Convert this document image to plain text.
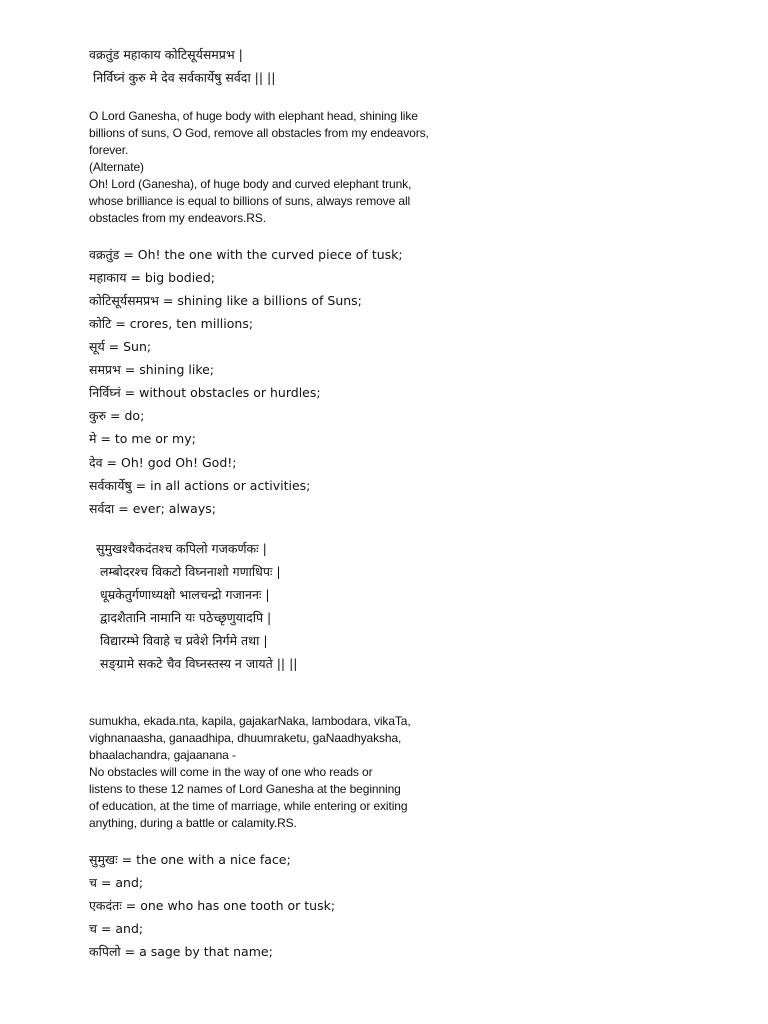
वक्रतुंड महाकाय कोटिसूर्यसमप्रभ |
निर्विघ्नं कुरु मे देव सर्वकार्येषु सर्वदा || ||
O Lord Ganesha, of huge body with elephant head, shining like
billions of suns, O God, remove all obstacles from my endeavors,
forever.
(Alternate)
Oh! Lord (Ganesha), of huge body and curved elephant trunk,
whose brilliance is equal to billions of suns, always remove all
obstacles from my endeavors.RS.
वक्रतुंड = Oh! the one with the curved piece of tusk;
महाकाय = big bodied;
कोटिसूर्यसमप्रभ = shining like a billions of Suns;
कोटि = crores, ten millions;
सूर्य = Sun;
समप्रभ = shining like;
निर्विघ्नं = without obstacles or hurdles;
कुरु = do;
मे = to me or my;
देव = Oh! god Oh! God!;
सर्वकार्येषु = in all actions or activities;
सर्वदा = ever; always;
सुमुखश्चैकदंतश्च कपिलो गजकर्णकः |
लम्बोदरश्च विकटो विघ्ननाशो गणाधिपः |
धूम्रकेतुर्गणाध्यक्षो भालचन्द्रो गजाननः |
द्वादशैतानि नामानि यः पठेच्छृणुयादपि |
विद्यारम्भे विवाहे च प्रवेशे निर्गमे तथा |
सङ्ग्रामे सकटे चैव विघ्नस्तस्य न जायते || ||
sumukha, ekada.nta, kapila, gajakarNaka, lambodara, vikaTa,
vighnanaasha, ganaadhipa, dhuumraketu, gaNaadhyaksha,
bhaalachandra, gajaanana -
No obstacles will come in the way of one who reads or
listens to these 12 names of Lord Ganesha at the beginning
of education, at the time of marriage, while entering or exiting
anything, during a battle or calamity.RS.
सुमुखः = the one with a nice face;
च = and;
एकदंतः = one who has one tooth or tusk;
च = and;
कपिलो = a sage by that name;
